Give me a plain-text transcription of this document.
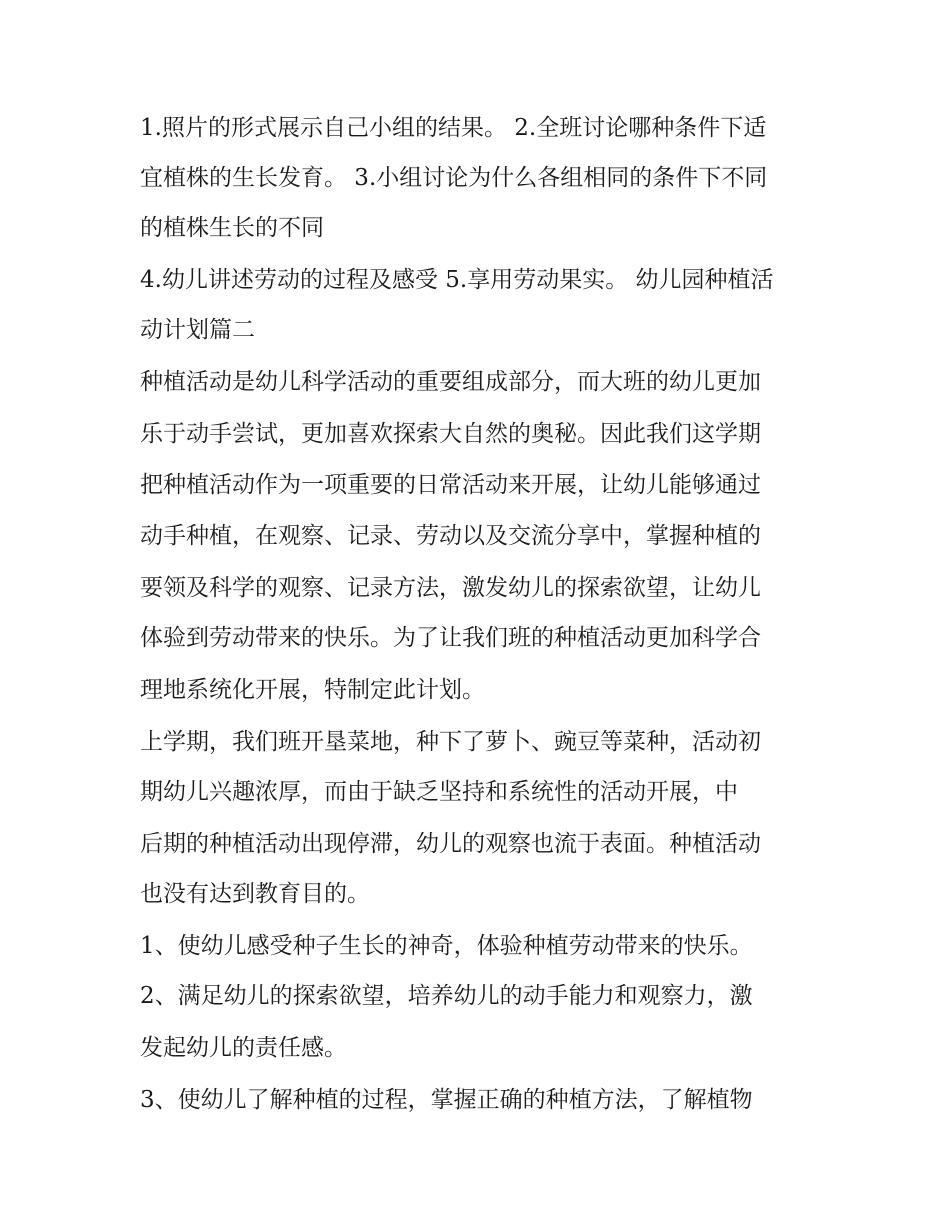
1.照片的形式展示自己小组的结果。 2.全班讨论哪种条件下适
宜植株的生长发育。 3.小组讨论为什么各组相同的条件下不同
的植株生长的不同
4.幼儿讲述劳动的过程及感受 5.享用劳动果实。 幼儿园种植活
动计划篇二
种植活动是幼儿科学活动的重要组成部分，而大班的幼儿更加
乐于动手尝试，更加喜欢探索大自然的奥秘。因此我们这学期
把种植活动作为一项重要的日常活动来开展，让幼儿能够通过
动手种植，在观察、记录、劳动以及交流分享中，掌握种植的
要领及科学的观察、记录方法，激发幼儿的探索欲望，让幼儿
体验到劳动带来的快乐。为了让我们班的种植活动更加科学合
理地系统化开展，特制定此计划。
上学期，我们班开垦菜地，种下了萝卜、豌豆等菜种，活动初
期幼儿兴趣浓厚，而由于缺乏坚持和系统性的活动开展，中
后期的种植活动出现停滞，幼儿的观察也流于表面。种植活动
也没有达到教育目的。
1、使幼儿感受种子生长的神奇，体验种植劳动带来的快乐。
2、满足幼儿的探索欲望，培养幼儿的动手能力和观察力，激
发起幼儿的责任感。
3、使幼儿了解种植的过程，掌握正确的种植方法，了解植物
